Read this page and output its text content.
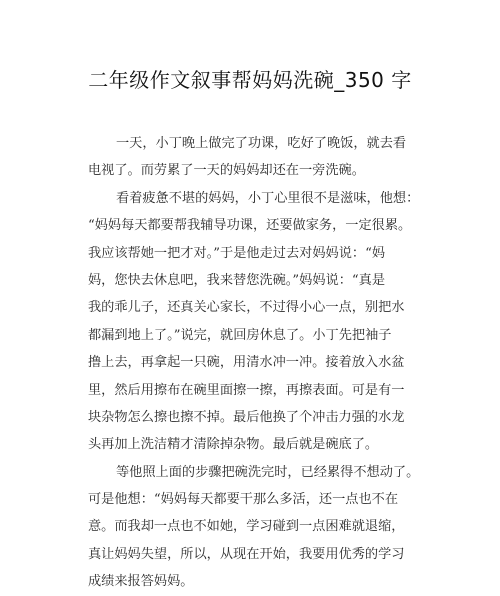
二年级作文叙事帮妈妈洗碗_350 字
一天，小丁晚上做完了功课，吃好了晚饭，就去看
电视了。而劳累了一天的妈妈却还在一旁洗碗。
看着疲惫不堪的妈妈，小丁心里很不是滋味，他想：
“妈妈每天都要帮我辅导功课，还要做家务，一定很累。
我应该帮她一把才对。”于是他走过去对妈妈说：“妈
妈，您快去休息吧，我来替您洗碗。”妈妈说：“真是
我的乖儿子，还真关心家长，不过得小心一点，别把水
都漏到地上了。”说完，就回房休息了。小丁先把袖子
撸上去，再拿起一只碗，用清水冲一冲。接着放入水盆
里，然后用擦布在碗里面擦一擦，再擦表面。可是有一
块杂物怎么擦也擦不掉。最后他换了个冲击力强的水龙
头再加上洗洁精才清除掉杂物。最后就是碗底了。
等他照上面的步骤把碗洗完时，已经累得不想动了。
可是他想：“妈妈每天都要干那么多活，还一点也不在
意。而我却一点也不如她，学习碰到一点困难就退缩，
真让妈妈失望，所以，从现在开始，我要用优秀的学习
成绩来报答妈妈。
